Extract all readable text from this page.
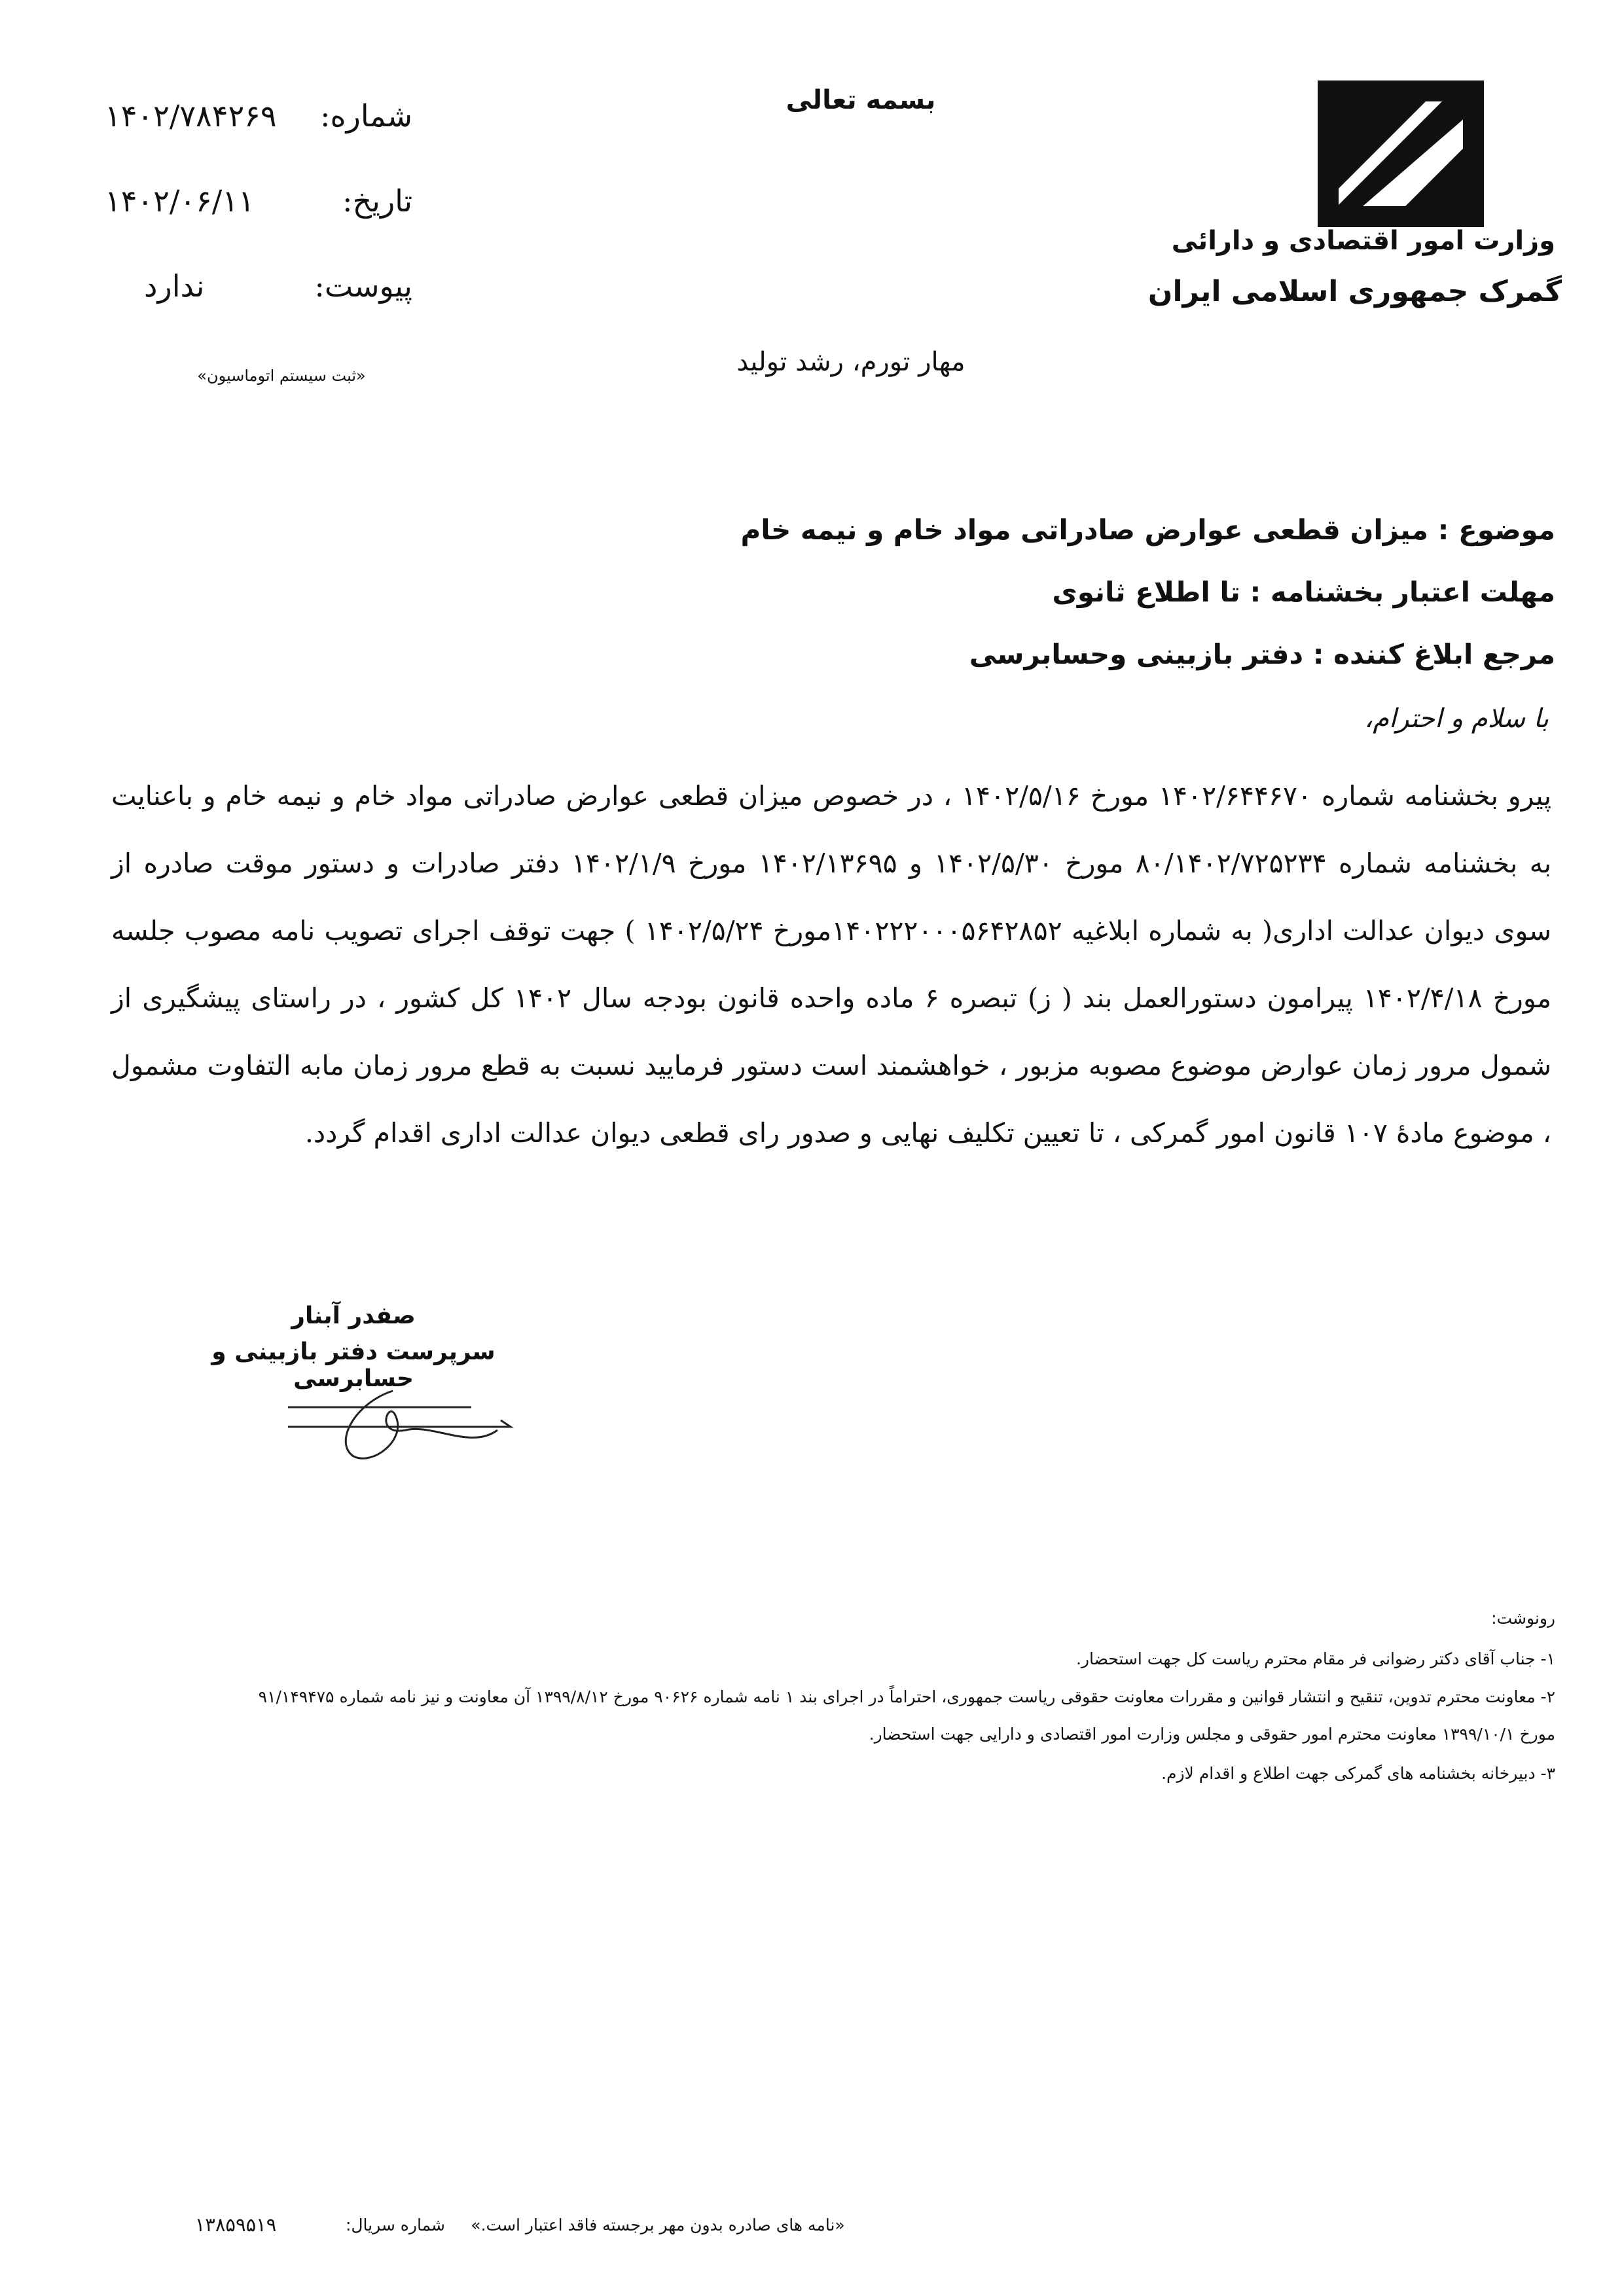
وزارت امور اقتصادی و دارائی
گمرک جمهوری اسلامی ایران
بسمه تعالی
شماره:
۱۴۰۲/۷۸۴۲۶۹
تاریخ:
۱۴۰۲/۰۶/۱۱
پیوست:
ندارد
«ثبت سیستم اتوماسیون»	مهار تورم، رشد تولید
موضوع : میزان قطعی عوارض صادراتی مواد خام و نیمه خام
مهلت اعتبار بخشنامه : تا اطلاع ثانوی
مرجع ابلاغ کننده : دفتر بازبینی وحسابرسی
با سلام و احترام،
پیرو بخشنامه شماره ۱۴۰۲/۶۴۴۶۷۰ مورخ ۱۴۰۲/۵/۱۶ ، در خصوص میزان قطعی عوارض صادراتی مواد خام و نیمه خام و باعنایت به بخشنامه شماره ۸۰/۱۴۰۲/۷۲۵۲۳۴ مورخ ۱۴۰۲/۵/۳۰ و ۱۴۰۲/۱۳۶۹۵ مورخ ۱۴۰۲/۱/۹ دفتر صادرات و دستور موقت صادره از سوی دیوان عدالت اداری( به شماره ابلاغیه ۱۴۰۲۲۲۰۰۰۵۶۴۲۸۵۲مورخ ۱۴۰۲/۵/۲۴ ) جهت توقف اجرای تصویب نامه مصوب جلسه مورخ ۱۴۰۲/۴/۱۸ پیرامون دستورالعمل بند ( ز) تبصره ۶ ماده واحده قانون بودجه سال ۱۴۰۲ کل کشور ، در راستای پیشگیری از شمول مرور زمان عوارض موضوع مصوبه مزبور ، خواهشمند است دستور فرمایید نسبت به قطع مرور زمان مابه التفاوت مشمول ، موضوع مادهٔ ۱۰۷ قانون امور گمرکی ، تا تعیین تکلیف نهایی و صدور رای قطعی دیوان عدالت اداری اقدام گردد.
صفدر آبنار
سرپرست دفتر بازبینی و حسابرسی
رونوشت:
۱- جناب آقای دکتر رضوانی فر مقام محترم ریاست کل جهت استحضار.
۲- معاونت محترم تدوین، تنقیح و انتشار قوانین و مقررات معاونت حقوقی ریاست جمهوری، احتراماً در اجرای بند ۱ نامه شماره ۹۰۶۲۶ مورخ ۱۳۹۹/۸/۱۲ آن معاونت و نیز نامه شماره ۹۱/۱۴۹۴۷۵
مورخ ۱۳۹۹/۱۰/۱ معاونت محترم امور حقوقی و مجلس وزارت امور اقتصادی و دارایی جهت استحضار.
۳- دبیرخانه بخشنامه های گمرکی جهت اطلاع و اقدام لازم.
«نامه های صادره بدون مهر برجسته فاقد اعتبار است.»
شماره سریال:
۱۳۸۵۹۵۱۹
